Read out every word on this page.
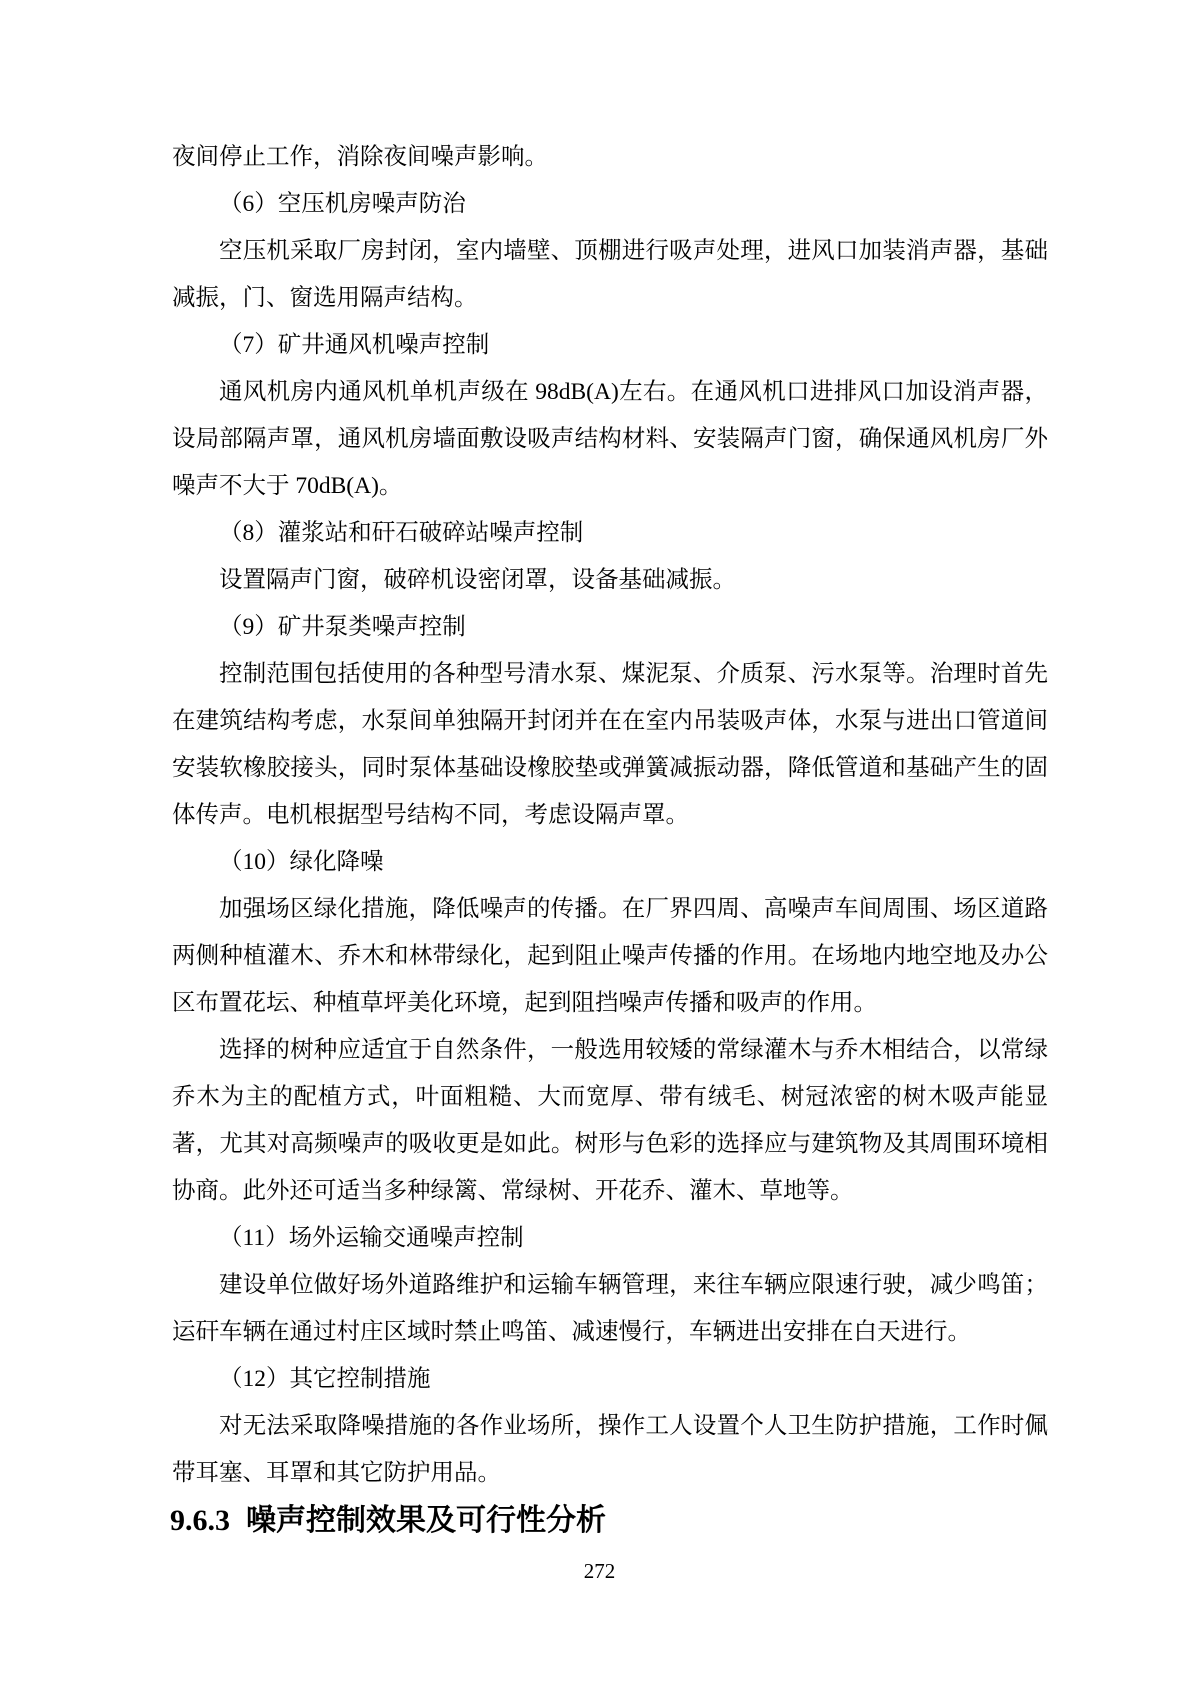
夜间停止工作，消除夜间噪声影响。

（6）空压机房噪声防治

空压机采取厂房封闭，室内墙壁、顶棚进行吸声处理，进风口加装消声器，基础减振，门、窗选用隔声结构。

（7）矿井通风机噪声控制

通风机房内通风机单机声级在 98dB(A)左右。在通风机口进排风口加设消声器，设局部隔声罩，通风机房墙面敷设吸声结构材料、安装隔声门窗，确保通风机房厂外噪声不大于 70dB(A)。

（8）灌浆站和矸石破碎站噪声控制

设置隔声门窗，破碎机设密闭罩，设备基础减振。

（9）矿井泵类噪声控制

控制范围包括使用的各种型号清水泵、煤泥泵、介质泵、污水泵等。治理时首先在建筑结构考虑，水泵间单独隔开封闭并在在室内吊装吸声体，水泵与进出口管道间安装软橡胶接头，同时泵体基础设橡胶垫或弹簧减振动器，降低管道和基础产生的固体传声。电机根据型号结构不同，考虑设隔声罩。

（10）绿化降噪

加强场区绿化措施，降低噪声的传播。在厂界四周、高噪声车间周围、场区道路两侧种植灌木、乔木和林带绿化，起到阻止噪声传播的作用。在场地内地空地及办公区布置花坛、种植草坪美化环境，起到阻挡噪声传播和吸声的作用。

选择的树种应适宜于自然条件，一般选用较矮的常绿灌木与乔木相结合，以常绿乔木为主的配植方式，叶面粗糙、大而宽厚、带有绒毛、树冠浓密的树木吸声能显著，尤其对高频噪声的吸收更是如此。树形与色彩的选择应与建筑物及其周围环境相协商。此外还可适当多种绿篱、常绿树、开花乔、灌木、草地等。

（11）场外运输交通噪声控制

建设单位做好场外道路维护和运输车辆管理，来往车辆应限速行驶，减少鸣笛；运矸车辆在通过村庄区域时禁止鸣笛、减速慢行，车辆进出安排在白天进行。

（12）其它控制措施

对无法采取降噪措施的各作业场所，操作工人设置个人卫生防护措施，工作时佩带耳塞、耳罩和其它防护用品。

9.6.3 噪声控制效果及可行性分析
272
